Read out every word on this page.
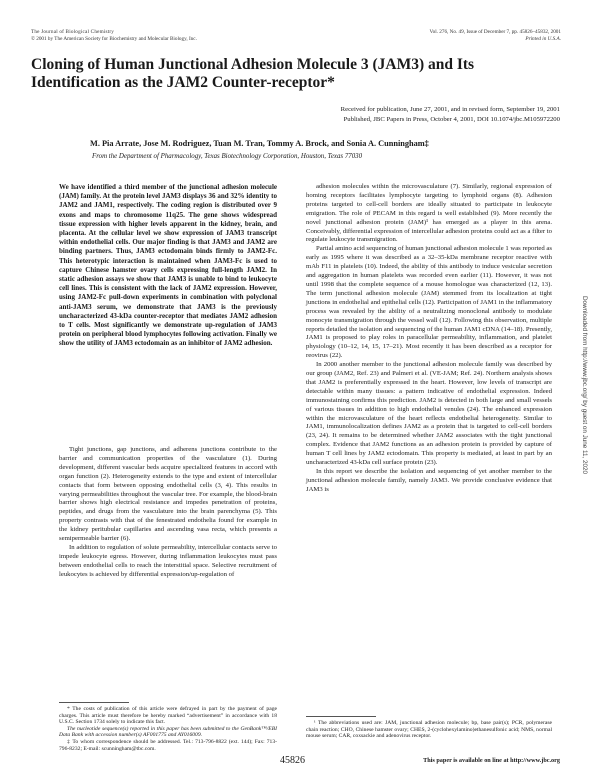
The Journal of Biological Chemistry
© 2001 by The American Society for Biochemistry and Molecular Biology, Inc.
Vol. 276, No. 49, Issue of December 7, pp. 45826–45832, 2001
Printed in U.S.A.
Cloning of Human Junctional Adhesion Molecule 3 (JAM3) and Its Identification as the JAM2 Counter-receptor*
Received for publication, June 27, 2001, and in revised form, September 19, 2001
Published, JBC Papers in Press, October 4, 2001, DOI 10.1074/jbc.M105972200
M. Pia Arrate, Jose M. Rodriguez, Tuan M. Tran, Tommy A. Brock, and Sonia A. Cunningham‡
From the Department of Pharmacology, Texas Biotechnology Corporation, Houston, Texas 77030

We have identified a third member of the junctional adhesion molecule (JAM) family. At the protein level JAM3 displays 36 and 32% identity to JAM2 and JAM1, respectively. The coding region is distributed over 9 exons and maps to chromosome 11q25. The gene shows widespread tissue expression with higher levels apparent in the kidney, brain, and placenta. At the cellular level we show expression of JAM3 transcript within endothelial cells. Our major finding is that JAM3 and JAM2 are binding partners. Thus, JAM3 ectodomain binds firmly to JAM2-Fc. This heterotypic interaction is maintained when JAM3-Fc is used to capture Chinese hamster ovary cells expressing full-length JAM2. In static adhesion assays we show that JAM3 is unable to bind to leukocyte cell lines. This is consistent with the lack of JAM2 expression. However, using JAM2-Fc pull-down experiments in combination with polyclonal anti-JAM3 serum, we demonstrate that JAM3 is the previously uncharacterized 43-kDa counter-receptor that mediates JAM2 adhesion to T cells. Most significantly we demonstrate up-regulation of JAM3 protein on peripheral blood lymphocytes following activation. Finally we show the utility of JAM3 ectodomain as an inhibitor of JAM2 adhesion.

Tight junctions, gap junctions, and adherens junctions contribute to the barrier and communication properties of the vasculature (1). During development, different vascular beds acquire specialized features in accord with organ function (2). Heterogeneity extends to the type and extent of intercellular contacts that form between opposing endothelial cells (3, 4). This results in varying permeabilities throughout the vascular tree. For example, the blood-brain barrier shows high electrical resistance and impedes penetration of proteins, peptides, and drugs from the vasculature into the brain parenchyma (5). This property contrasts with that of the fenestrated endothelia found for example in the kidney peritubular capillaries and ascending vasa recta, which presents a semipermeable barrier (6).

In addition to regulation of solute permeability, intercellular contacts serve to impede leukocyte egress. However, during inflammation leukocytes must pass between endothelial cells to reach the interstitial space. Selective recruitment of leukocytes is achieved by differential expression/up-regulation of

adhesion molecules within the microvasculature (7). Similarly, regional expression of homing receptors facilitates lymphocyte targeting to lymphoid organs (8). Adhesion proteins targeted to cell-cell borders are ideally situated to participate in leukocyte emigration. The role of PECAM in this regard is well established (9). More recently the novel junctional adhesion protein (JAM)¹ has emerged as a player in this arena. Conceivably, differential expression of intercellular adhesion proteins could act as a filter to regulate leukocyte transmigration.

Partial amino acid sequencing of human junctional adhesion molecule 1 was reported as early as 1995 where it was described as a 32–35-kDa membrane receptor reactive with mAb F11 in platelets (10). Indeed, the ability of this antibody to induce vesicular secretion and aggregation in human platelets was recorded even earlier (11). However, it was not until 1998 that the complete sequence of a mouse homologue was characterized (12, 13). The term junctional adhesion molecule (JAM) stemmed from its localization at tight junctions in endothelial and epithelial cells (12). Participation of JAM1 in the inflammatory process was revealed by the ability of a neutralizing monoclonal antibody to modulate monocyte transmigration through the vessel wall (12). Following this observation, multiple reports detailed the isolation and sequencing of the human JAM1 cDNA (14–18). Presently, JAM1 is proposed to play roles in paracellular permeability, inflammation, and platelet physiology (10–12, 14, 15, 17–21). Most recently it has been described as a receptor for reovirus (22).

In 2000 another member to the junctional adhesion molecule family was described by our group (JAM2, Ref. 23) and Palmeri et al. (VE-JAM; Ref. 24). Northern analysis shows that JAM2 is preferentially expressed in the heart. However, low levels of transcript are detectable within many tissues: a pattern indicative of endothelial expression. Indeed immunostaining confirms this prediction. JAM2 is detected in both large and small vessels of various tissues in addition to high endothelial venules (24). The enhanced expression within the microvasculature of the heart reflects endothelial heterogeneity. Similar to JAM1, immunolocalization defines JAM2 as a protein that is targeted to cell-cell borders (23, 24). It remains to be determined whether JAM2 associates with the tight junctional complex. Evidence that JAM2 functions as an adhesion protein is provided by capture of human T cell lines by JAM2 ectodomain. This property is mediated, at least in part by an uncharacterized 43-kDa cell surface protein (23).

In this report we describe the isolation and sequencing of yet another member to the junctional adhesion molecule family, namely JAM3. We provide conclusive evidence that JAM3 is

* The costs of publication of this article were defrayed in part by the payment of page charges. This article must therefore be hereby marked “advertisement” in accordance with 18 U.S.C. Section 1734 solely to indicate this fact.

The nucleotide sequence(s) reported in this paper has been submitted to the GenBank™/EBI Data Bank with accession number(s) AF001775 and AY016009.

‡ To whom correspondence should be addressed. Tel.: 713-796-8822 (ext. 144); Fax: 713-796-8232; E-mail: scunningham@tbc.com.

¹ The abbreviations used are: JAM, junctional adhesion molecule; bp, base pair(s); PCR, polymerase chain reaction; CHO, Chinese hamster ovary; CHES, 2-(cyclohexylamino)ethanesulfonic acid; NMS, normal mouse serum; CAR, coxsackie and adenovirus receptor.

45826	This paper is available on line at http://www.jbc.org
Downloaded from http://www.jbc.org/ by guest on June 11, 2020
